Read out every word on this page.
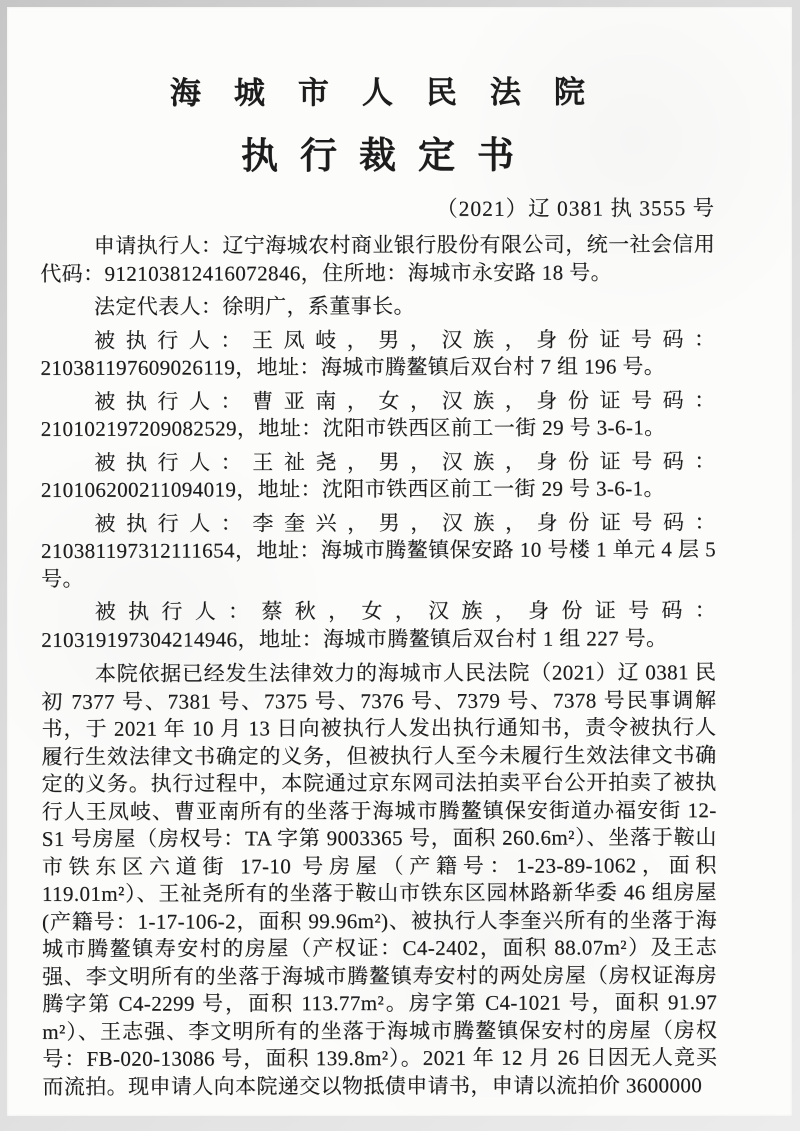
海城市人民法院
执行裁定书
（2021）辽 0381 执 3555 号

申请执行人：辽宁海城农村商业银行股份有限公司，统一社会信用代码：912103812416072846，住所地：海城市永安路 18 号。

法定代表人：徐明广，系董事长。

被执行人：王凤岐，男，汉族，身份证号码：210381197609026119，地址：海城市腾鳌镇后双台村 7 组 196 号。

被执行人：曹亚南，女，汉族，身份证号码：210102197209082529，地址：沈阳市铁西区前工一街 29 号 3-6-1。

被执行人：王祉尧，男，汉族，身份证号码：210106200211094019，地址：沈阳市铁西区前工一街 29 号 3-6-1。

被执行人：李奎兴，男，汉族，身份证号码：210381197312111654，地址：海城市腾鳌镇保安路 10 号楼 1 单元 4 层 5 号。

被执行人：蔡秋，女，汉族，身份证号码：210319197304214946，地址：海城市腾鳌镇后双台村 1 组 227 号。

本院依据已经发生法律效力的海城市人民法院（2021）辽 0381 民初 7377 号、7381 号、7375 号、7376 号、7379 号、7378 号民事调解书，于 2021 年 10 月 13 日向被执行人发出执行通知书，责令被执行人履行生效法律文书确定的义务，但被执行人至今未履行生效法律文书确定的义务。执行过程中，本院通过京东网司法拍卖平台公开拍卖了被执行人王凤岐、曹亚南所有的坐落于海城市腾鳌镇保安街道办福安街 12-S1 号房屋（房权号：TA 字第 9003365 号，面积 260.6m²）、坐落于鞍山市铁东区六道街 17-10 号房屋（产籍号：1-23-89-1062，面积 119.01m²）、王祉尧所有的坐落于鞍山市铁东区园林路新华委 46 组房屋(产籍号：1-17-106-2，面积 99.96m²)、被执行人李奎兴所有的坐落于海城市腾鳌镇寿安村的房屋（产权证：C4-2402，面积 88.07m²）及王志强、李文明所有的坐落于海城市腾鳌镇寿安村的两处房屋（房权证海房腾字第 C4-2299 号，面积 113.77m²。房字第 C4-1021 号，面积 91.97 m²）、王志强、李文明所有的坐落于海城市腾鳌镇保安村的房屋（房权号：FB-020-13086 号，面积 139.8m²）。2021 年 12 月 26 日因无人竞买而流拍。现申请人向本院递交以物抵债申请书，申请以流拍价 3600000
